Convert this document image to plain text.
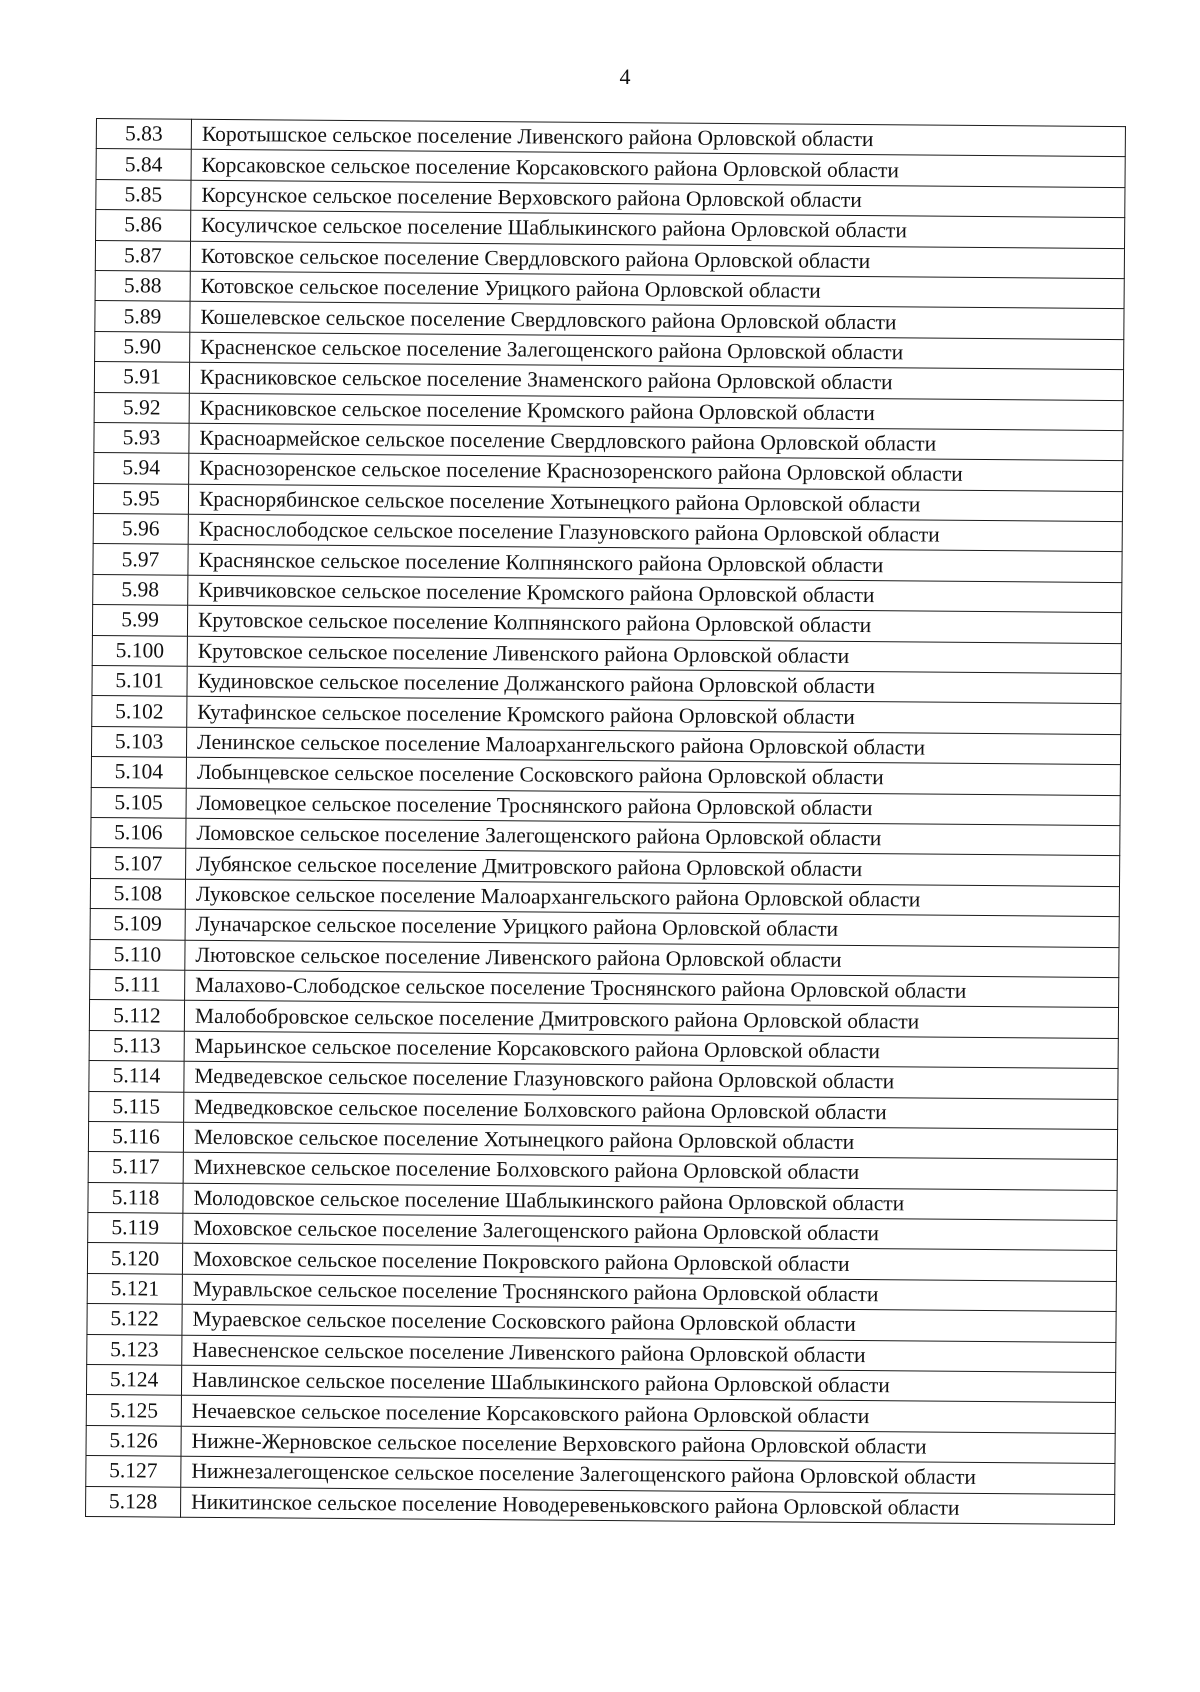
4
5.83	Коротышское сельское поселение Ливенского района Орловской области
5.84	Корсаковское сельское поселение Корсаковского района Орловской области
5.85	Корсунское сельское поселение Верховского района Орловской области
5.86	Косуличское сельское поселение Шаблыкинского района Орловской области
5.87	Котовское сельское поселение Свердловского района Орловской области
5.88	Котовское сельское поселение Урицкого района Орловской области
5.89	Кошелевское сельское поселение Свердловского района Орловской области
5.90	Красненское сельское поселение Залегощенского района Орловской области
5.91	Красниковское сельское поселение Знаменского района Орловской области
5.92	Красниковское сельское поселение Кромского района Орловской области
5.93	Красноармейское сельское поселение Свердловского района Орловской области
5.94	Краснозоренское сельское поселение Краснозоренского района Орловской области
5.95	Краснорябинское сельское поселение Хотынецкого района Орловской области
5.96	Краснослободское сельское поселение Глазуновского района Орловской области
5.97	Краснянское сельское поселение Колпнянского района Орловской области
5.98	Кривчиковское сельское поселение Кромского района Орловской области
5.99	Крутовское сельское поселение Колпнянского района Орловской области
5.100	Крутовское сельское поселение Ливенского района Орловской области
5.101	Кудиновское сельское поселение Должанского района Орловской области
5.102	Кутафинское сельское поселение Кромского района Орловской области
5.103	Ленинское сельское поселение Малоархангельского района Орловской области
5.104	Лобынцевское сельское поселение Сосковского района Орловской области
5.105	Ломовецкое сельское поселение Троснянского района Орловской области
5.106	Ломовское сельское поселение Залегощенского района Орловской области
5.107	Лубянское сельское поселение Дмитровского района Орловской области
5.108	Луковское сельское поселение Малоархангельского района Орловской области
5.109	Луначарское сельское поселение Урицкого района Орловской области
5.110	Лютовское сельское поселение Ливенского района Орловской области
5.111	Малахово-Слободское сельское поселение Троснянского района Орловской области
5.112	Малобобровское сельское поселение Дмитровского района Орловской области
5.113	Марьинское сельское поселение Корсаковского района Орловской области
5.114	Медведевское сельское поселение Глазуновского района Орловской области
5.115	Медведковское сельское поселение Болховского района Орловской области
5.116	Меловское сельское поселение Хотынецкого района Орловской области
5.117	Михневское сельское поселение Болховского района Орловской области
5.118	Молодовское сельское поселение Шаблыкинского района Орловской области
5.119	Моховское сельское поселение Залегощенского района Орловской области
5.120	Моховское сельское поселение Покровского района Орловской области
5.121	Муравльское сельское поселение Троснянского района Орловской области
5.122	Мураевское сельское поселение Сосковского района Орловской области
5.123	Навесненское сельское поселение Ливенского района Орловской области
5.124	Навлинское сельское поселение Шаблыкинского района Орловской области
5.125	Нечаевское сельское поселение Корсаковского района Орловской области
5.126	Нижне-Жерновское сельское поселение Верховского района Орловской области
5.127	Нижнезалегощенское сельское поселение Залегощенского района Орловской области
5.128	Никитинское сельское поселение Новодеревеньковского района Орловской области
